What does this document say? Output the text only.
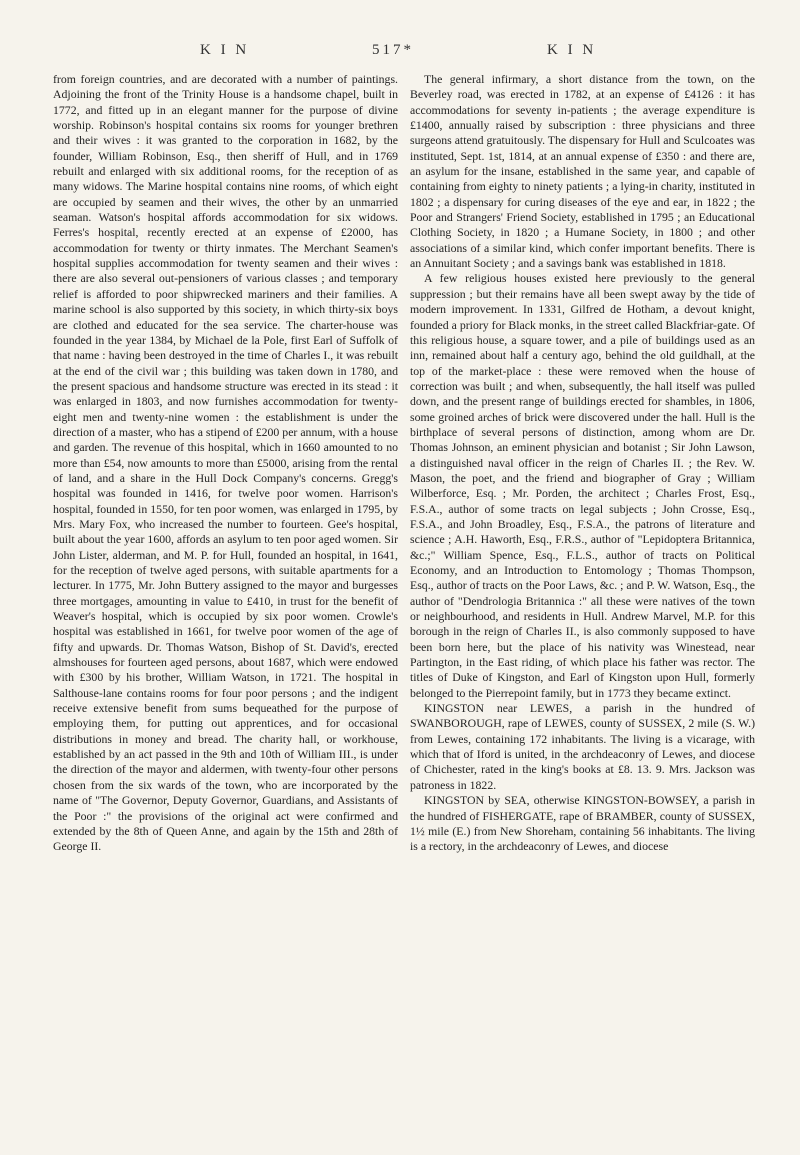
K I N	517*	K I N

from foreign countries, and are decorated with a number of paintings. Adjoining the front of the Trinity House is a handsome chapel, built in 1772, and fitted up in an elegant manner for the purpose of divine worship. Robinson's hospital contains six rooms for younger brethren and their wives : it was granted to the corporation in 1682, by the founder, William Robinson, Esq., then sheriff of Hull, and in 1769 rebuilt and enlarged with six additional rooms, for the reception of as many widows. The Marine hospital contains nine rooms, of which eight are occupied by seamen and their wives, the other by an unmarried seaman. Watson's hospital affords accommodation for six widows. Ferres's hospital, recently erected at an expense of £2000, has accommodation for twenty or thirty inmates. The Merchant Seamen's hospital supplies accommodation for twenty seamen and their wives : there are also several out-pensioners of various classes ; and temporary relief is afforded to poor shipwrecked mariners and their families. A marine school is also supported by this society, in which thirty-six boys are clothed and educated for the sea service. The charter-house was founded in the year 1384, by Michael de la Pole, first Earl of Suffolk of that name : having been destroyed in the time of Charles I., it was rebuilt at the end of the civil war ; this building was taken down in 1780, and the present spacious and handsome structure was erected in its stead : it was enlarged in 1803, and now furnishes accommodation for twenty-eight men and twenty-nine women : the establishment is under the direction of a master, who has a stipend of £200 per annum, with a house and garden. The revenue of this hospital, which in 1660 amounted to no more than £54, now amounts to more than £5000, arising from the rental of land, and a share in the Hull Dock Company's concerns. Gregg's hospital was founded in 1416, for twelve poor women. Harrison's hospital, founded in 1550, for ten poor women, was enlarged in 1795, by Mrs. Mary Fox, who increased the number to fourteen. Gee's hospital, built about the year 1600, affords an asylum to ten poor aged women. Sir John Lister, alderman, and M. P. for Hull, founded an hospital, in 1641, for the reception of twelve aged persons, with suitable apartments for a lecturer. In 1775, Mr. John Buttery assigned to the mayor and burgesses three mortgages, amounting in value to £410, in trust for the benefit of Weaver's hospital, which is occupied by six poor women. Crowle's hospital was established in 1661, for twelve poor women of the age of fifty and upwards. Dr. Thomas Watson, Bishop of St. David's, erected almshouses for fourteen aged persons, about 1687, which were endowed with £300 by his brother, William Watson, in 1721. The hospital in Salthouse-lane contains rooms for four poor persons ; and the indigent receive extensive benefit from sums bequeathed for the purpose of employing them, for putting out apprentices, and for occasional distributions in money and bread. The charity hall, or workhouse, established by an act passed in the 9th and 10th of William III., is under the direction of the mayor and aldermen, with twenty-four other persons chosen from the six wards of the town, who are incorporated by the name of "The Governor, Deputy Governor, Guardians, and Assistants of the Poor :" the provisions of the original act were confirmed and extended by the 8th of Queen Anne, and again by the 15th and 28th of George II.

The general infirmary, a short distance from the town, on the Beverley road, was erected in 1782, at an expense of £4126 : it has accommodations for seventy in-patients ; the average expenditure is £1400, annually raised by subscription : three physicians and three surgeons attend gratuitously. The dispensary for Hull and Sculcoates was instituted, Sept. 1st, 1814, at an annual expense of £350 : and there are, an asylum for the insane, established in the same year, and capable of containing from eighty to ninety patients ; a lying-in charity, instituted in 1802 ; a dispensary for curing diseases of the eye and ear, in 1822 ; the Poor and Strangers' Friend Society, established in 1795 ; an Educational Clothing Society, in 1820 ; a Humane Society, in 1800 ; and other associations of a similar kind, which confer important benefits. There is an Annuitant Society ; and a savings bank was established in 1818.

A few religious houses existed here previously to the general suppression ; but their remains have all been swept away by the tide of modern improvement. In 1331, Gilfred de Hotham, a devout knight, founded a priory for Black monks, in the street called Blackfriar-gate. Of this religious house, a square tower, and a pile of buildings used as an inn, remained about half a century ago, behind the old guildhall, at the top of the market-place : these were removed when the house of correction was built ; and when, subsequently, the hall itself was pulled down, and the present range of buildings erected for shambles, in 1806, some groined arches of brick were discovered under the hall. Hull is the birthplace of several persons of distinction, among whom are Dr. Thomas Johnson, an eminent physician and botanist ; Sir John Lawson, a distinguished naval officer in the reign of Charles II. ; the Rev. W. Mason, the poet, and the friend and biographer of Gray ; William Wilberforce, Esq. ; Mr. Porden, the architect ; Charles Frost, Esq., F.S.A., author of some tracts on legal subjects ; John Crosse, Esq., F.S.A., and John Broadley, Esq., F.S.A., the patrons of literature and science ; A.H. Haworth, Esq., F.R.S., author of "Lepidoptera Britannica, &c.;" William Spence, Esq., F.L.S., author of tracts on Political Economy, and an Introduction to Entomology ; Thomas Thompson, Esq., author of tracts on the Poor Laws, &c. ; and P. W. Watson, Esq., the author of "Dendrologia Britannica :" all these were natives of the town or neighbourhood, and residents in Hull. Andrew Marvel, M.P. for this borough in the reign of Charles II., is also commonly supposed to have been born here, but the place of his nativity was Winestead, near Partington, in the East riding, of which place his father was rector. The titles of Duke of Kingston, and Earl of Kingston upon Hull, formerly belonged to the Pierrepoint family, but in 1773 they became extinct.

KINGSTON near LEWES, a parish in the hundred of SWANBOROUGH, rape of LEWES, county of SUSSEX, 2 mile (S. W.) from Lewes, containing 172 inhabitants. The living is a vicarage, with which that of Iford is united, in the archdeaconry of Lewes, and diocese of Chichester, rated in the king's books at £8. 13. 9. Mrs. Jackson was patroness in 1822.

KINGSTON by SEA, otherwise KINGSTON-BOWSEY, a parish in the hundred of FISHERGATE, rape of BRAMBER, county of SUSSEX, 1½ mile (E.) from New Shoreham, containing 56 inhabitants. The living is a rectory, in the archdeaconry of Lewes, and diocese
